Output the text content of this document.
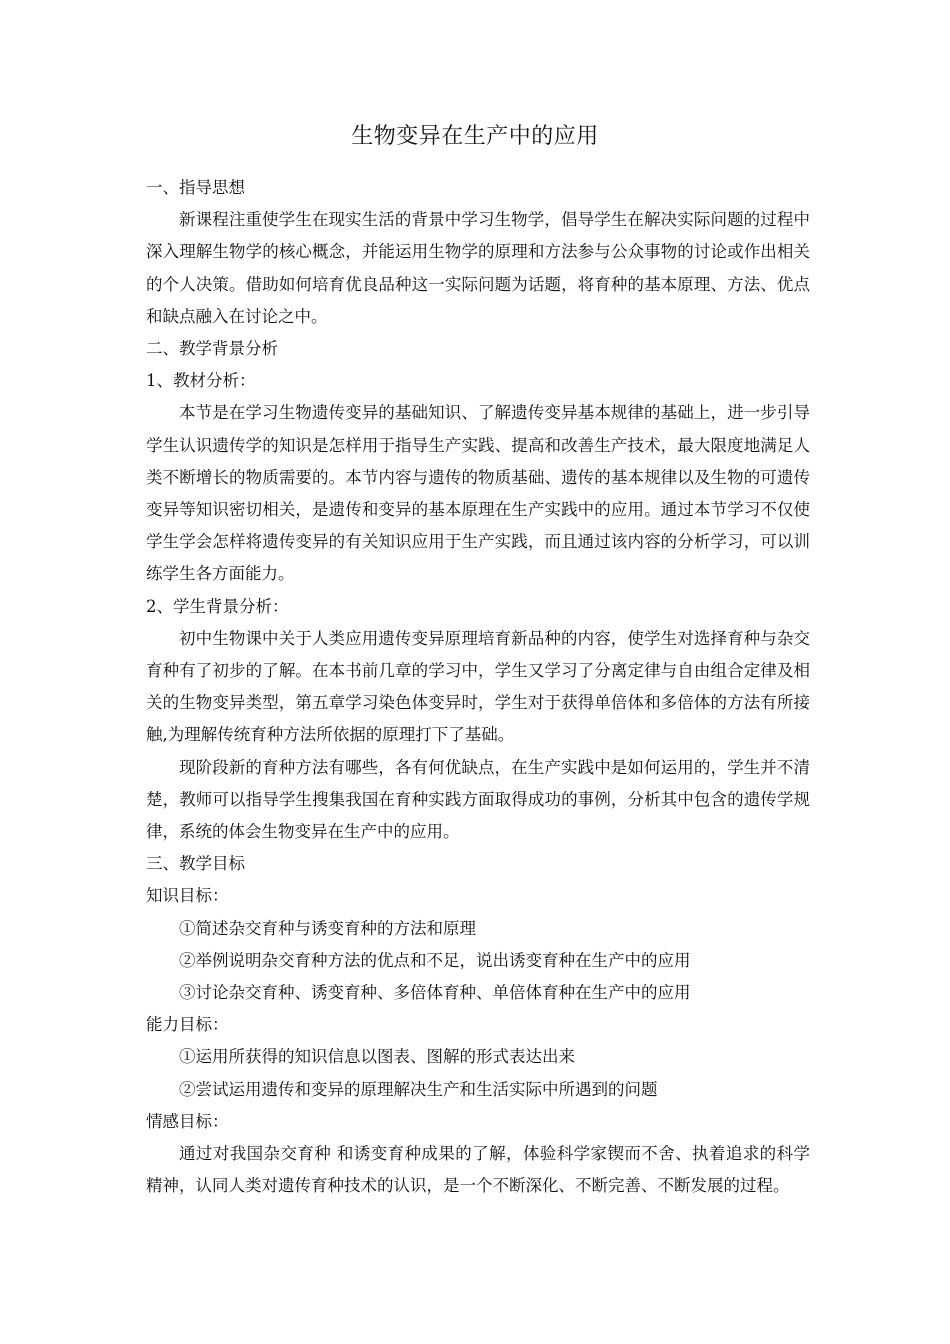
生物变异在生产中的应用

一、指导思想

新课程注重使学生在现实生活的背景中学习生物学，倡导学生在解决实际问题的过程中深入理解生物学的核心概念，并能运用生物学的原理和方法参与公众事物的讨论或作出相关的个人决策。借助如何培育优良品种这一实际问题为话题，将育种的基本原理、方法、优点和缺点融入在讨论之中。

二、教学背景分析

1、教材分析：

本节是在学习生物遗传变异的基础知识、了解遗传变异基本规律的基础上，进一步引导学生认识遗传学的知识是怎样用于指导生产实践、提高和改善生产技术，最大限度地满足人类不断增长的物质需要的。本节内容与遗传的物质基础、遗传的基本规律以及生物的可遗传变异等知识密切相关，是遗传和变异的基本原理在生产实践中的应用。通过本节学习不仅使学生学会怎样将遗传变异的有关知识应用于生产实践，而且通过该内容的分析学习，可以训练学生各方面能力。

2、学生背景分析：

初中生物课中关于人类应用遗传变异原理培育新品种的内容，使学生对选择育种与杂交育种有了初步的了解。在本书前几章的学习中，学生又学习了分离定律与自由组合定律及相关的生物变异类型，第五章学习染色体变异时，学生对于获得单倍体和多倍体的方法有所接触,为理解传统育种方法所依据的原理打下了基础。

现阶段新的育种方法有哪些，各有何优缺点，在生产实践中是如何运用的，学生并不清楚，教师可以指导学生搜集我国在育种实践方面取得成功的事例，分析其中包含的遗传学规律，系统的体会生物变异在生产中的应用。

三、教学目标

知识目标：

①简述杂交育种与诱变育种的方法和原理

②举例说明杂交育种方法的优点和不足，说出诱变育种在生产中的应用

③讨论杂交育种、诱变育种、多倍体育种、单倍体育种在生产中的应用

能力目标：

①运用所获得的知识信息以图表、图解的形式表达出来

②尝试运用遗传和变异的原理解决生产和生活实际中所遇到的问题

情感目标：

通过对我国杂交育种 和诱变育种成果的了解，体验科学家锲而不舍、执着追求的科学精神，认同人类对遗传育种技术的认识，是一个不断深化、不断完善、不断发展的过程。
